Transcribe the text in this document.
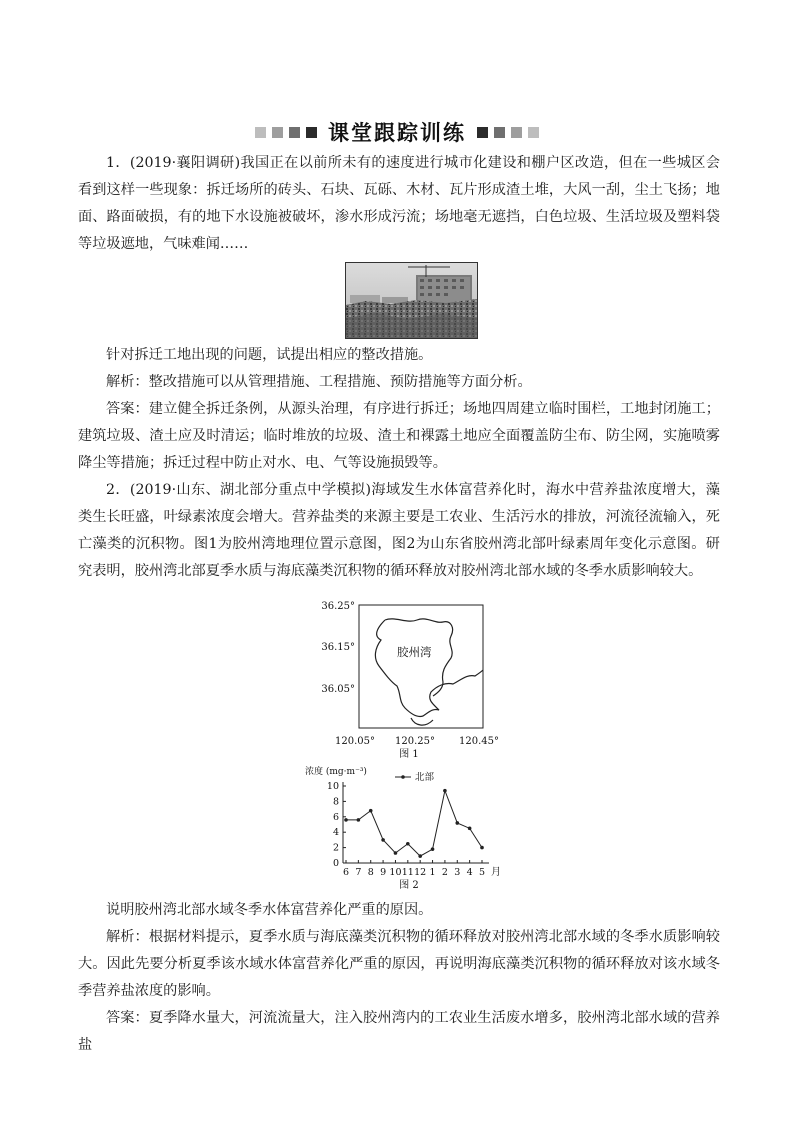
课堂跟踪训练

1．(2019·襄阳调研)我国正在以前所未有的速度进行城市化建设和棚户区改造，但在一些城区会看到这样一些现象：拆迁场所的砖头、石块、瓦砾、木材、瓦片形成渣土堆，大风一刮，尘土飞扬；地面、路面破损，有的地下水设施被破坏，渗水形成污流；场地毫无遮挡，白色垃圾、生活垃圾及塑料袋等垃圾遮地，气味难闻……

针对拆迁工地出现的问题，试提出相应的整改措施。

解析：整改措施可以从管理措施、工程措施、预防措施等方面分析。

答案：建立健全拆迁条例，从源头治理，有序进行拆迁；场地四周建立临时围栏，工地封闭施工；建筑垃圾、渣土应及时清运；临时堆放的垃圾、渣土和裸露土地应全面覆盖防尘布、防尘网，实施喷雾降尘等措施；拆迁过程中防止对水、电、气等设施损毁等。

2．(2019·山东、湖北部分重点中学模拟)海域发生水体富营养化时，海水中营养盐浓度增大，藻类生长旺盛，叶绿素浓度会增大。营养盐类的来源主要是工农业、生活污水的排放，河流径流输入，死亡藻类的沉积物。图1为胶州湾地理位置示意图，图2为山东省胶州湾北部叶绿素周年变化示意图。研究表明，胶州湾北部夏季水质与海底藻类沉积物的循环释放对胶州湾北部水域的冬季水质影响较大。

胶州湾
36.25°
36.15°
36.05°
120.05° 120.25° 120.45°
图 1
浓度 (mg·m⁻³)	北部
0
2
4
6
8
10
6 7 8 9 10 11 12 1 2 3 4 5 月
图 2

说明胶州湾北部水域冬季水体富营养化严重的原因。

解析：根据材料提示，夏季水质与海底藻类沉积物的循环释放对胶州湾北部水域的冬季水质影响较大。因此先要分析夏季该水域水体富营养化严重的原因，再说明海底藻类沉积物的循环释放对该水域冬季营养盐浓度的影响。

答案：夏季降水量大，河流流量大，注入胶州湾内的工农业生活废水增多，胶州湾北部水域的营养盐
